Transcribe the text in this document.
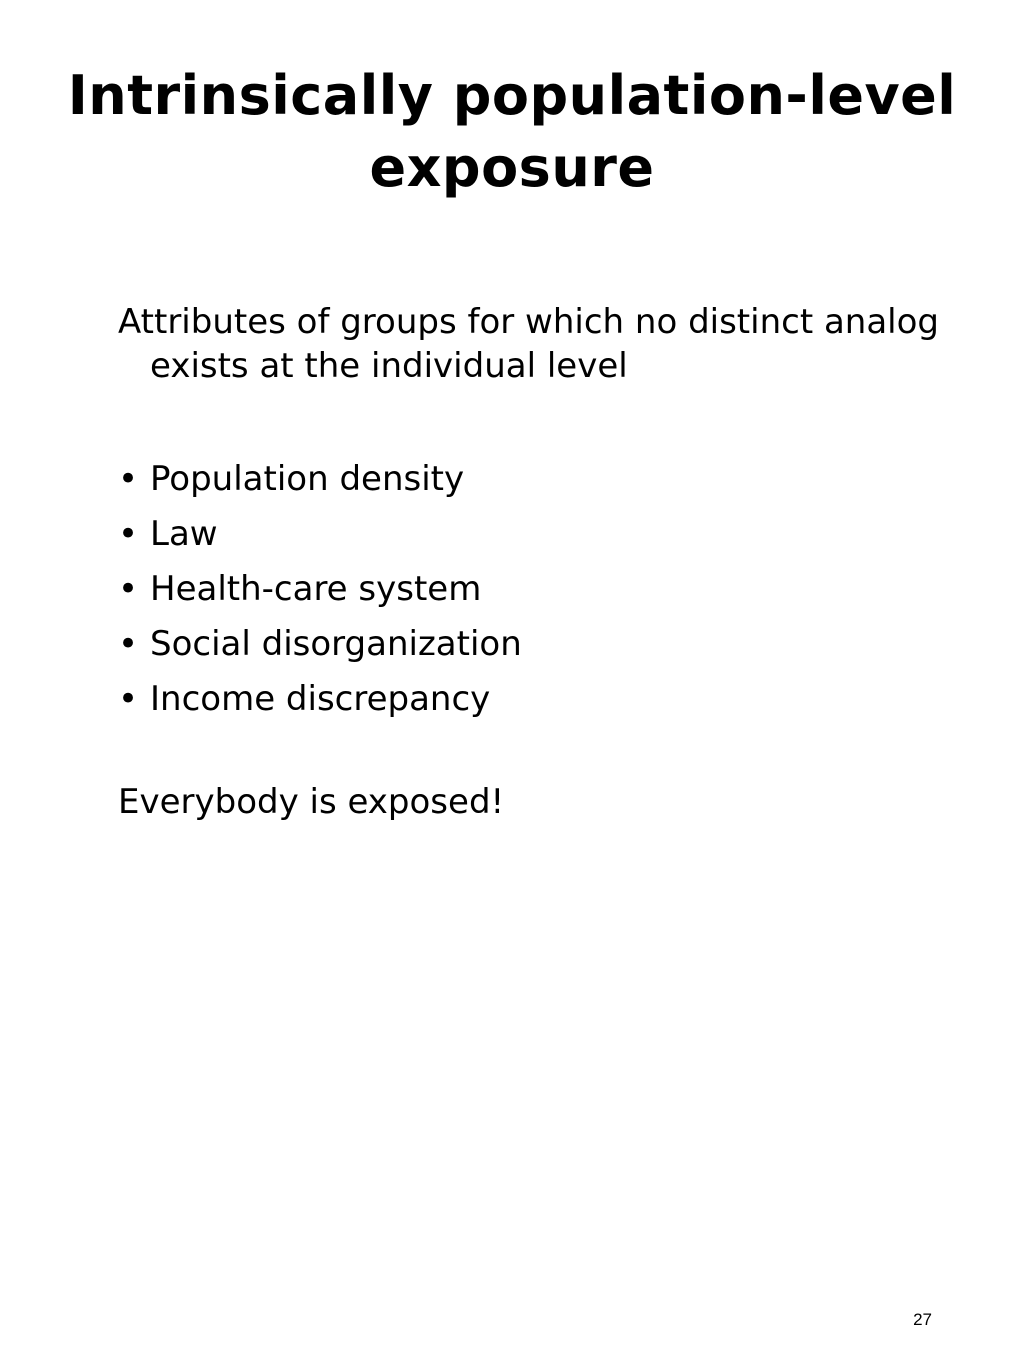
Intrinsically population-level
exposure

Attributes of groups for which no distinct analog exists at the individual level

• Population density
• Law
• Health-care system
• Social disorganization
• Income discrepancy

Everybody is exposed!

27
